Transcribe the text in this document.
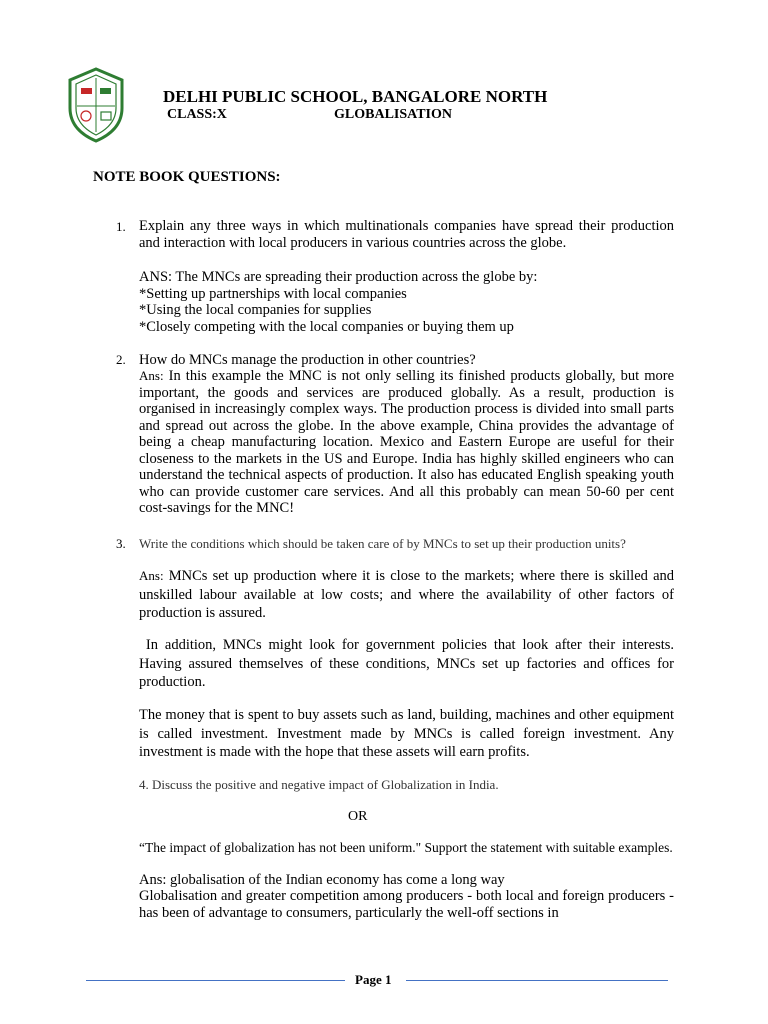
DELHI PUBLIC SCHOOL, BANGALORE NORTH
CLASS:X	GLOBALISATION
NOTE BOOK QUESTIONS:
1. Explain any three ways in which multinationals companies have spread their production and interaction with local producers in various countries across the globe.

ANS: The MNCs are spreading their production across the globe by:

*Setting up partnerships with local companies

*Using the local companies for supplies

*Closely competing with the local companies or buying them up

2. How do MNCs manage the production in other countries?

Ans: In this example the MNC is not only selling its finished products globally, but more important, the goods and services are produced globally. As a result, production is organised in increasingly complex ways. The production process is divided into small parts and spread out across the globe. In the above example, China provides the advantage of being a cheap manufacturing location. Mexico and Eastern Europe are useful for their closeness to the markets in the US and Europe. India has highly skilled engineers who can understand the technical aspects of production. It also has educated English speaking youth who can provide customer care services. And all this probably can mean 50-60 per cent cost-savings for the MNC!

3. Write the conditions which should be taken care of by MNCs to set up their production units?

Ans: MNCs set up production where it is close to the markets; where there is skilled and unskilled labour available at low costs; and where the availability of other factors of production is assured.

In addition, MNCs might look for government policies that look after their interests. Having assured themselves of these conditions, MNCs set up factories and offices for production.

The money that is spent to buy assets such as land, building, machines and other equipment is called investment. Investment made by MNCs is called foreign investment. Any investment is made with the hope that these assets will earn profits.

4. Discuss the positive and negative impact of Globalization in India.

OR

“The impact of globalization has not been uniform." Support the statement with suitable examples.

Ans: globalisation of the Indian economy has come a long way

Globalisation and greater competition among producers - both local and foreign producers - has been of advantage to consumers, particularly the well-off sections in

Page 1
